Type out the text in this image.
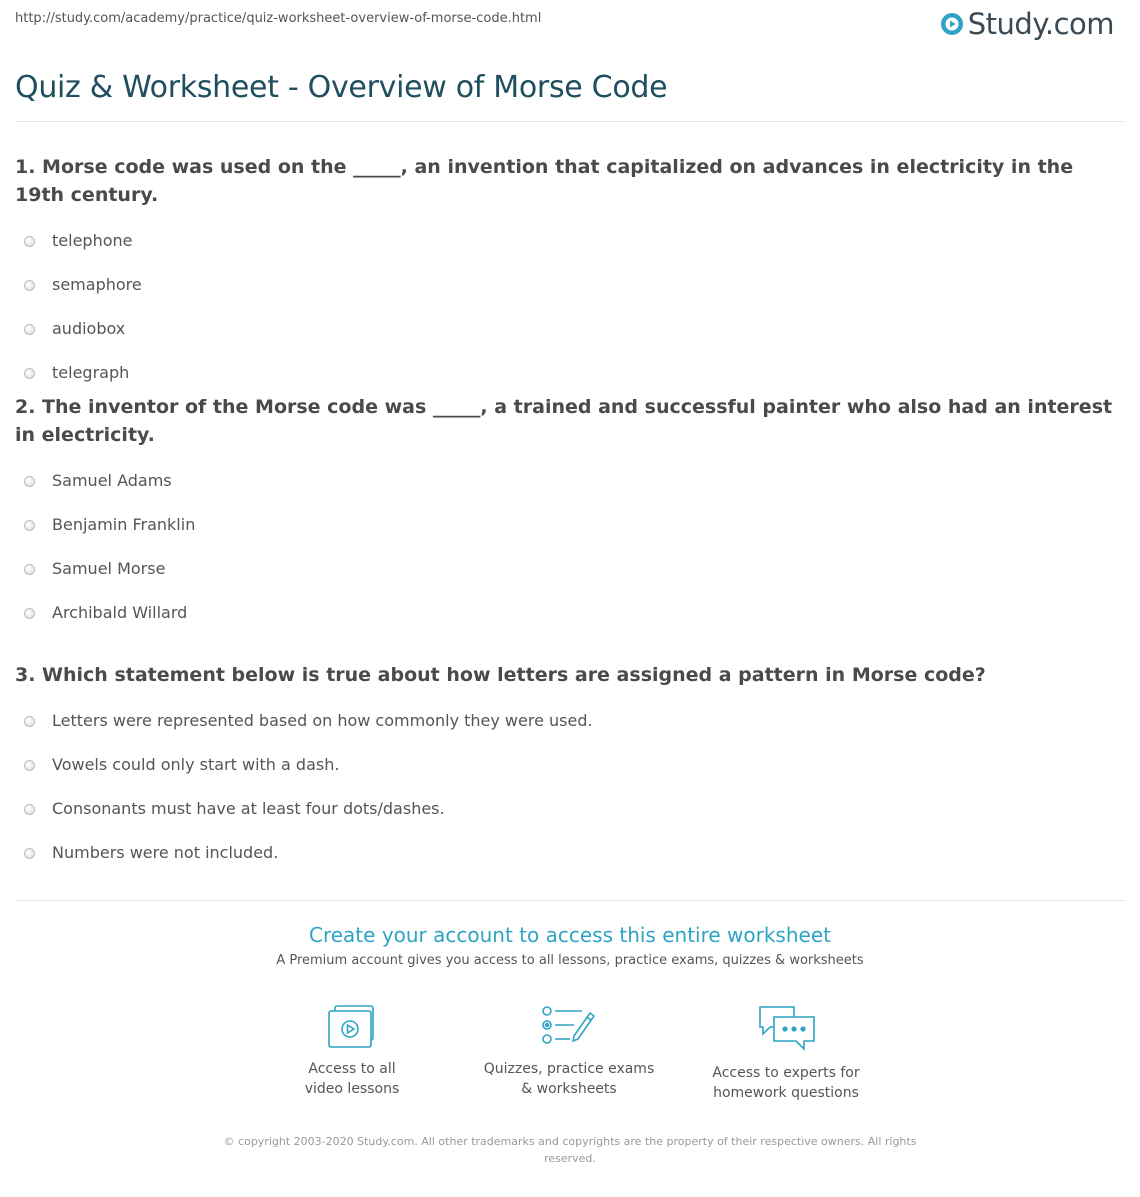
http://study.com/academy/practice/quiz-worksheet-overview-of-morse-code.html	Study.com
Quiz & Worksheet - Overview of Morse Code
1. Morse code was used on the _____, an invention that capitalized on advances in electricity in the 19th century.
telephone
semaphore
audiobox
telegraph
2. The inventor of the Morse code was _____, a trained and successful painter who also had an interest in electricity.
Samuel Adams
Benjamin Franklin
Samuel Morse
Archibald Willard
3. Which statement below is true about how letters are assigned a pattern in Morse code?
Letters were represented based on how commonly they were used.
Vowels could only start with a dash.
Consonants must have at least four dots/dashes.
Numbers were not included.
Create your account to access this entire worksheet
A Premium account gives you access to all lessons, practice exams, quizzes & worksheets
Access to all
video lessons
Quizzes, practice exams
& worksheets
Access to experts for
homework questions
© copyright 2003-2020 Study.com. All other trademarks and copyrights are the property of their respective owners. All rights
reserved.
